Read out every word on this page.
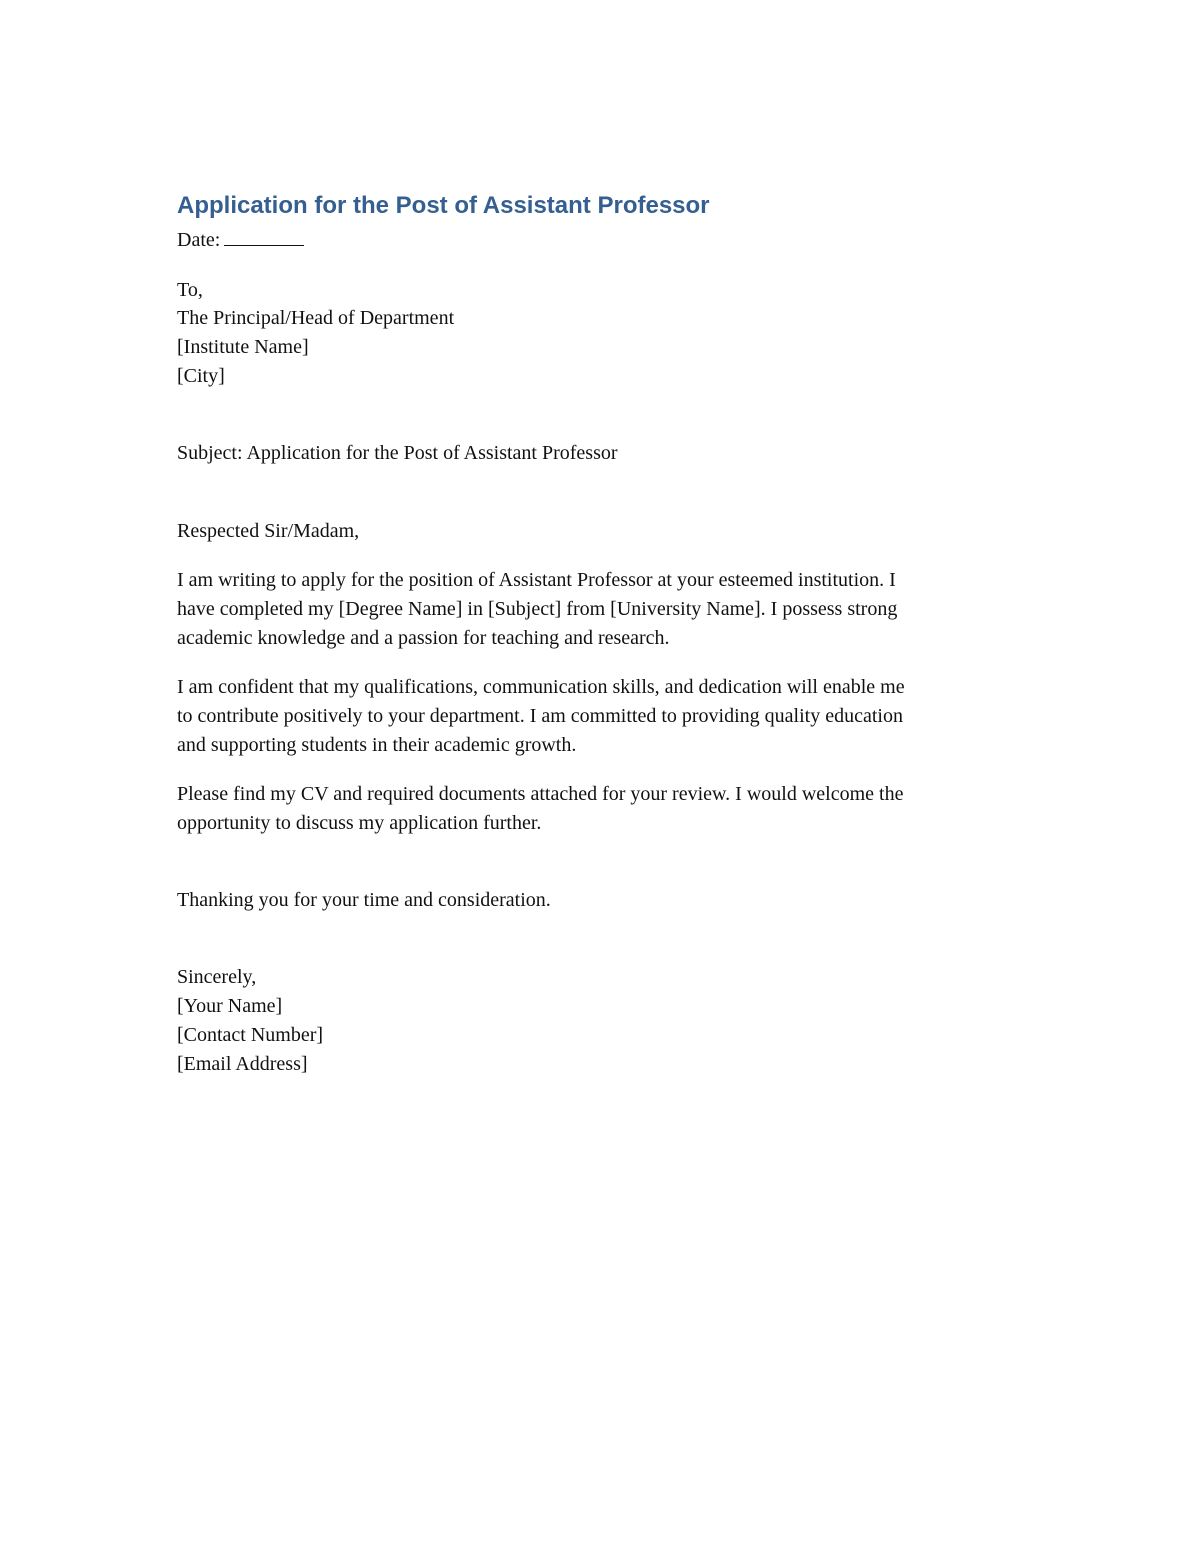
Application for the Post of Assistant Professor
Date:
To,
The Principal/Head of Department
[Institute Name]
[City]
Subject: Application for the Post of Assistant Professor
Respected Sir/Madam,
I am writing to apply for the position of Assistant Professor at your esteemed institution. I
have completed my [Degree Name] in [Subject] from [University Name]. I possess strong
academic knowledge and a passion for teaching and research.
I am confident that my qualifications, communication skills, and dedication will enable me
to contribute positively to your department. I am committed to providing quality education
and supporting students in their academic growth.
Please find my CV and required documents attached for your review. I would welcome the
opportunity to discuss my application further.
Thanking you for your time and consideration.
Sincerely,
[Your Name]
[Contact Number]
[Email Address]
